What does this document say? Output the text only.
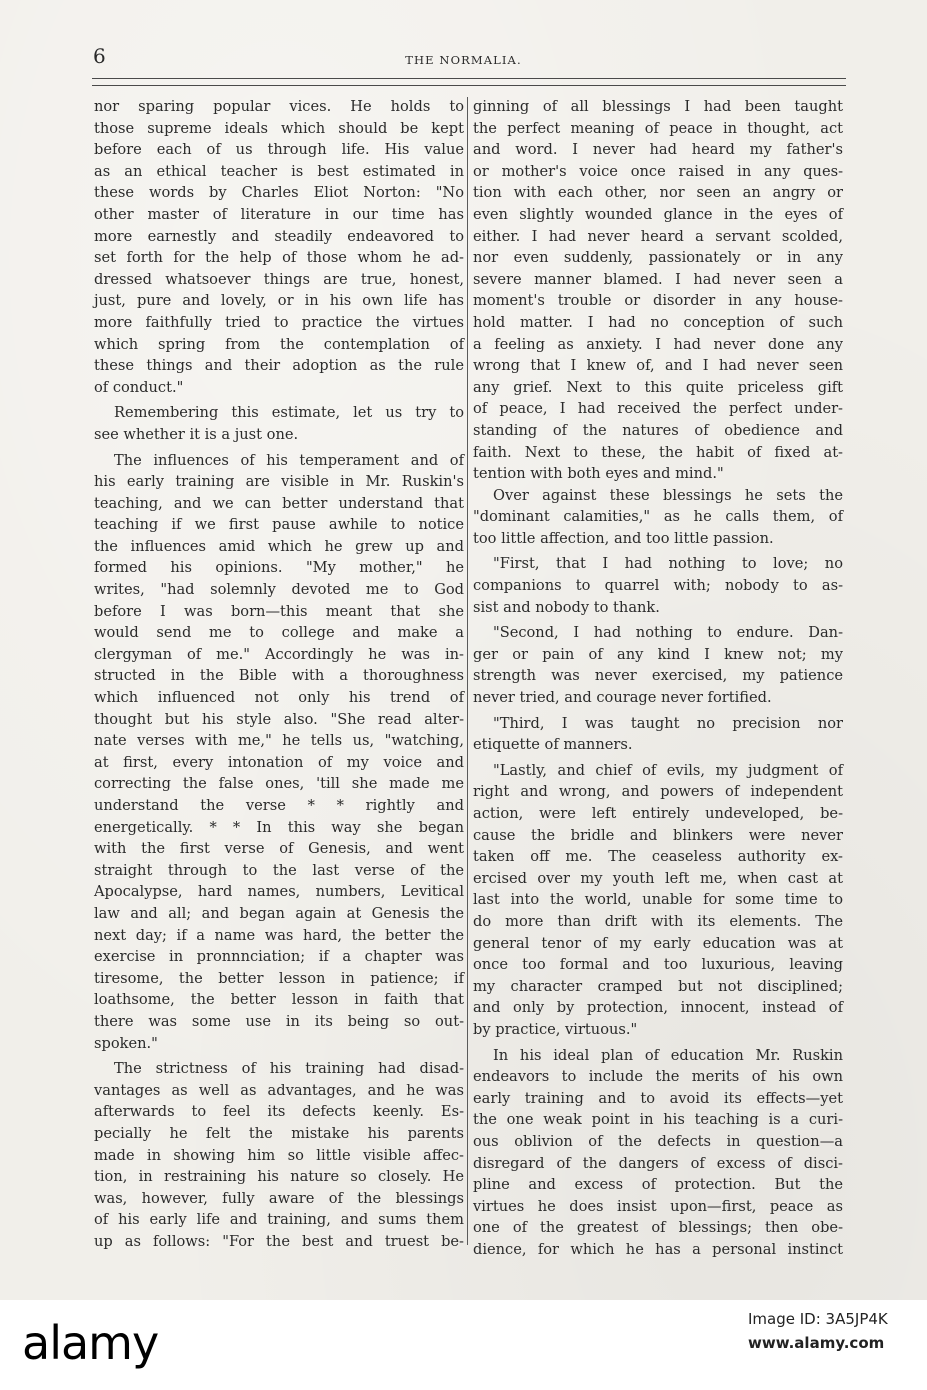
6	THE NORMALIA.
nor sparing popular vices. He holds to
those supreme ideals which should be kept
before each of us through life. His value
as an ethical teacher is best estimated in
these words by Charles Eliot Norton: "No
other master of literature in our time has
more earnestly and steadily endeavored to
set forth for the help of those whom he ad-
dressed whatsoever things are true, honest,
just, pure and lovely, or in his own life has
more faithfully tried to practice the virtues
which spring from the contemplation of
these things and their adoption as the rule
of conduct."
Remembering this estimate, let us try to
see whether it is a just one.
The influences of his temperament and of
his early training are visible in Mr. Ruskin's
teaching, and we can better understand that
teaching if we first pause awhile to notice
the influences amid which he grew up and
formed his opinions. "My mother," he
writes, "had solemnly devoted me to God
before I was born—this meant that she
would send me to college and make a
clergyman of me." Accordingly he was in-
structed in the Bible with a thoroughness
which influenced not only his trend of
thought but his style also. "She read alter-
nate verses with me," he tells us, "watching,
at first, every intonation of my voice and
correcting the false ones, 'till she made me
understand the verse * * rightly and
energetically. * * In this way she began
with the first verse of Genesis, and went
straight through to the last verse of the
Apocalypse, hard names, numbers, Levitical
law and all; and began again at Genesis the
next day; if a name was hard, the better the
exercise in pronnnciation; if a chapter was
tiresome, the better lesson in patience; if
loathsome, the better lesson in faith that
there was some use in its being so out-
spoken."
The strictness of his training had disad-
vantages as well as advantages, and he was
afterwards to feel its defects keenly. Es-
pecially he felt the mistake his parents
made in showing him so little visible affec-
tion, in restraining his nature so closely. He
was, however, fully aware of the blessings
of his early life and training, and sums them
up as follows: "For the best and truest be-
ginning of all blessings I had been taught
the perfect meaning of peace in thought, act
and word. I never had heard my father's
or mother's voice once raised in any ques-
tion with each other, nor seen an angry or
even slightly wounded glance in the eyes of
either. I had never heard a servant scolded,
nor even suddenly, passionately or in any
severe manner blamed. I had never seen a
moment's trouble or disorder in any house-
hold matter. I had no conception of such
a feeling as anxiety. I had never done any
wrong that I knew of, and I had never seen
any grief. Next to this quite priceless gift
of peace, I had received the perfect under-
standing of the natures of obedience and
faith. Next to these, the habit of fixed at-
tention with both eyes and mind."
Over against these blessings he sets the
"dominant calamities," as he calls them, of
too little affection, and too little passion.
"First, that I had nothing to love; no
companions to quarrel with; nobody to as-
sist and nobody to thank.
"Second, I had nothing to endure. Dan-
ger or pain of any kind I knew not; my
strength was never exercised, my patience
never tried, and courage never fortified.
"Third, I was taught no precision nor
etiquette of manners.
"Lastly, and chief of evils, my judgment of
right and wrong, and powers of independent
action, were left entirely undeveloped, be-
cause the bridle and blinkers were never
taken off me. The ceaseless authority ex-
ercised over my youth left me, when cast at
last into the world, unable for some time to
do more than drift with its elements. The
general tenor of my early education was at
once too formal and too luxurious, leaving
my character cramped but not disciplined;
and only by protection, innocent, instead of
by practice, virtuous."
In his ideal plan of education Mr. Ruskin
endeavors to include the merits of his own
early training and to avoid its effects—yet
the one weak point in his teaching is a curi-
ous oblivion of the defects in question—a
disregard of the dangers of excess of disci-
pline and excess of protection. But the
virtues he does insist upon—first, peace as
one of the greatest of blessings; then obe-
dience, for which he has a personal instinct
alamy	Image ID: 3A5JP4K
www.alamy.com
